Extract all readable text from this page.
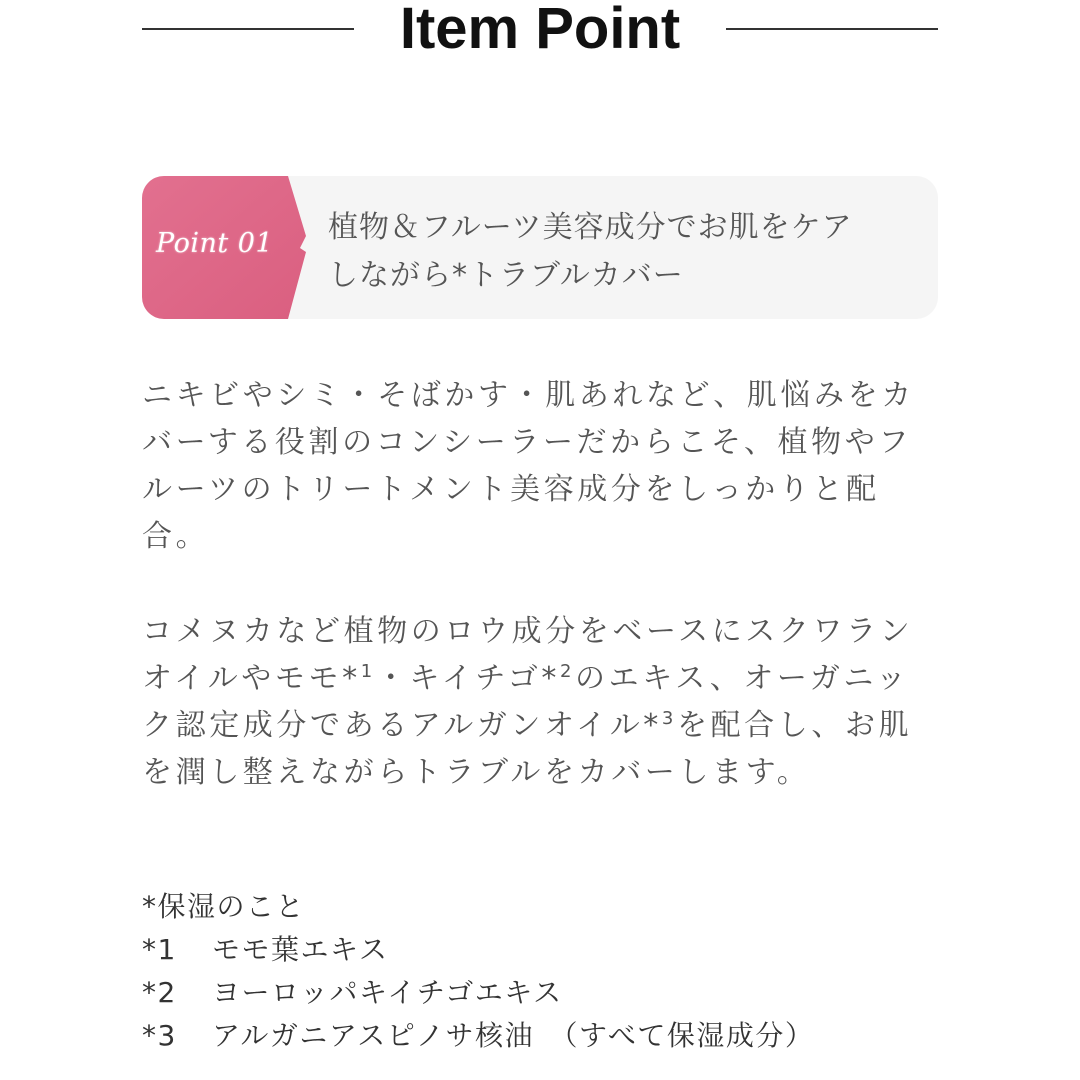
Item Point
Point 01	植物＆フルーツ美容成分でお肌をケア
しながら*トラブルカバー
ニキビやシミ・そばかす・肌あれなど、肌悩みをカバーする役割のコンシーラーだからこそ、植物やフルーツのトリートメント美容成分をしっかりと配合。
コメヌカなど植物のロウ成分をベースにスクワランオイルやモモ*$^1$・キイチゴ*$^2$のエキス、オーガニック認定成分であるアルガンオイル*$^3$を配合し、お肌を潤し整えながらトラブルをカバーします。
*保湿のこと
*1	モモ葉エキス
*2	ヨーロッパキイチゴエキス
*3	アルガニアスピノサ核油　（すべて保湿成分）
